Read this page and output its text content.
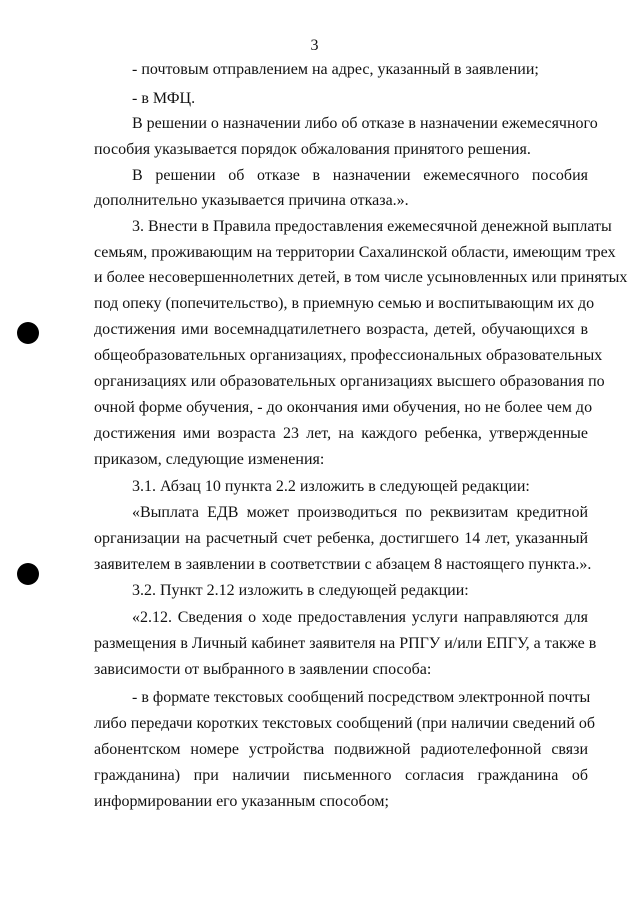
3
- почтовым отправлением на адрес, указанный в заявлении;
- в МФЦ.
В решении о назначении либо об отказе в назначении ежемесячного
пособия указывается порядок обжалования принятого решения.
В решении об отказе в назначении ежемесячного пособия
дополнительно указывается причина отказа.».
3. Внести в Правила предоставления ежемесячной денежной выплаты
семьям, проживающим на территории Сахалинской области, имеющим трех
и более несовершеннолетних детей, в том числе усыновленных или принятых
под опеку (попечительство), в приемную семью и воспитывающим их до
достижения ими восемнадцатилетнего возраста, детей, обучающихся в
общеобразовательных организациях, профессиональных образовательных
организациях или образовательных организациях высшего образования по
очной форме обучения, - до окончания ими обучения, но не более чем до
достижения ими возраста 23 лет, на каждого ребенка, утвержденные
приказом, следующие изменения:
3.1. Абзац 10 пункта 2.2 изложить в следующей редакции:
«Выплата ЕДВ может производиться по реквизитам кредитной
организации на расчетный счет ребенка, достигшего 14 лет, указанный
заявителем в заявлении в соответствии с абзацем 8 настоящего пункта.».
3.2. Пункт 2.12 изложить в следующей редакции:
«2.12. Сведения о ходе предоставления услуги направляются для
размещения в Личный кабинет заявителя на РПГУ и/или ЕПГУ, а также в
зависимости от выбранного в заявлении способа:
- в формате текстовых сообщений посредством электронной почты
либо передачи коротких текстовых сообщений (при наличии сведений об
абонентском номере устройства подвижной радиотелефонной связи
гражданина) при наличии письменного согласия гражданина об
информировании его указанным способом;
